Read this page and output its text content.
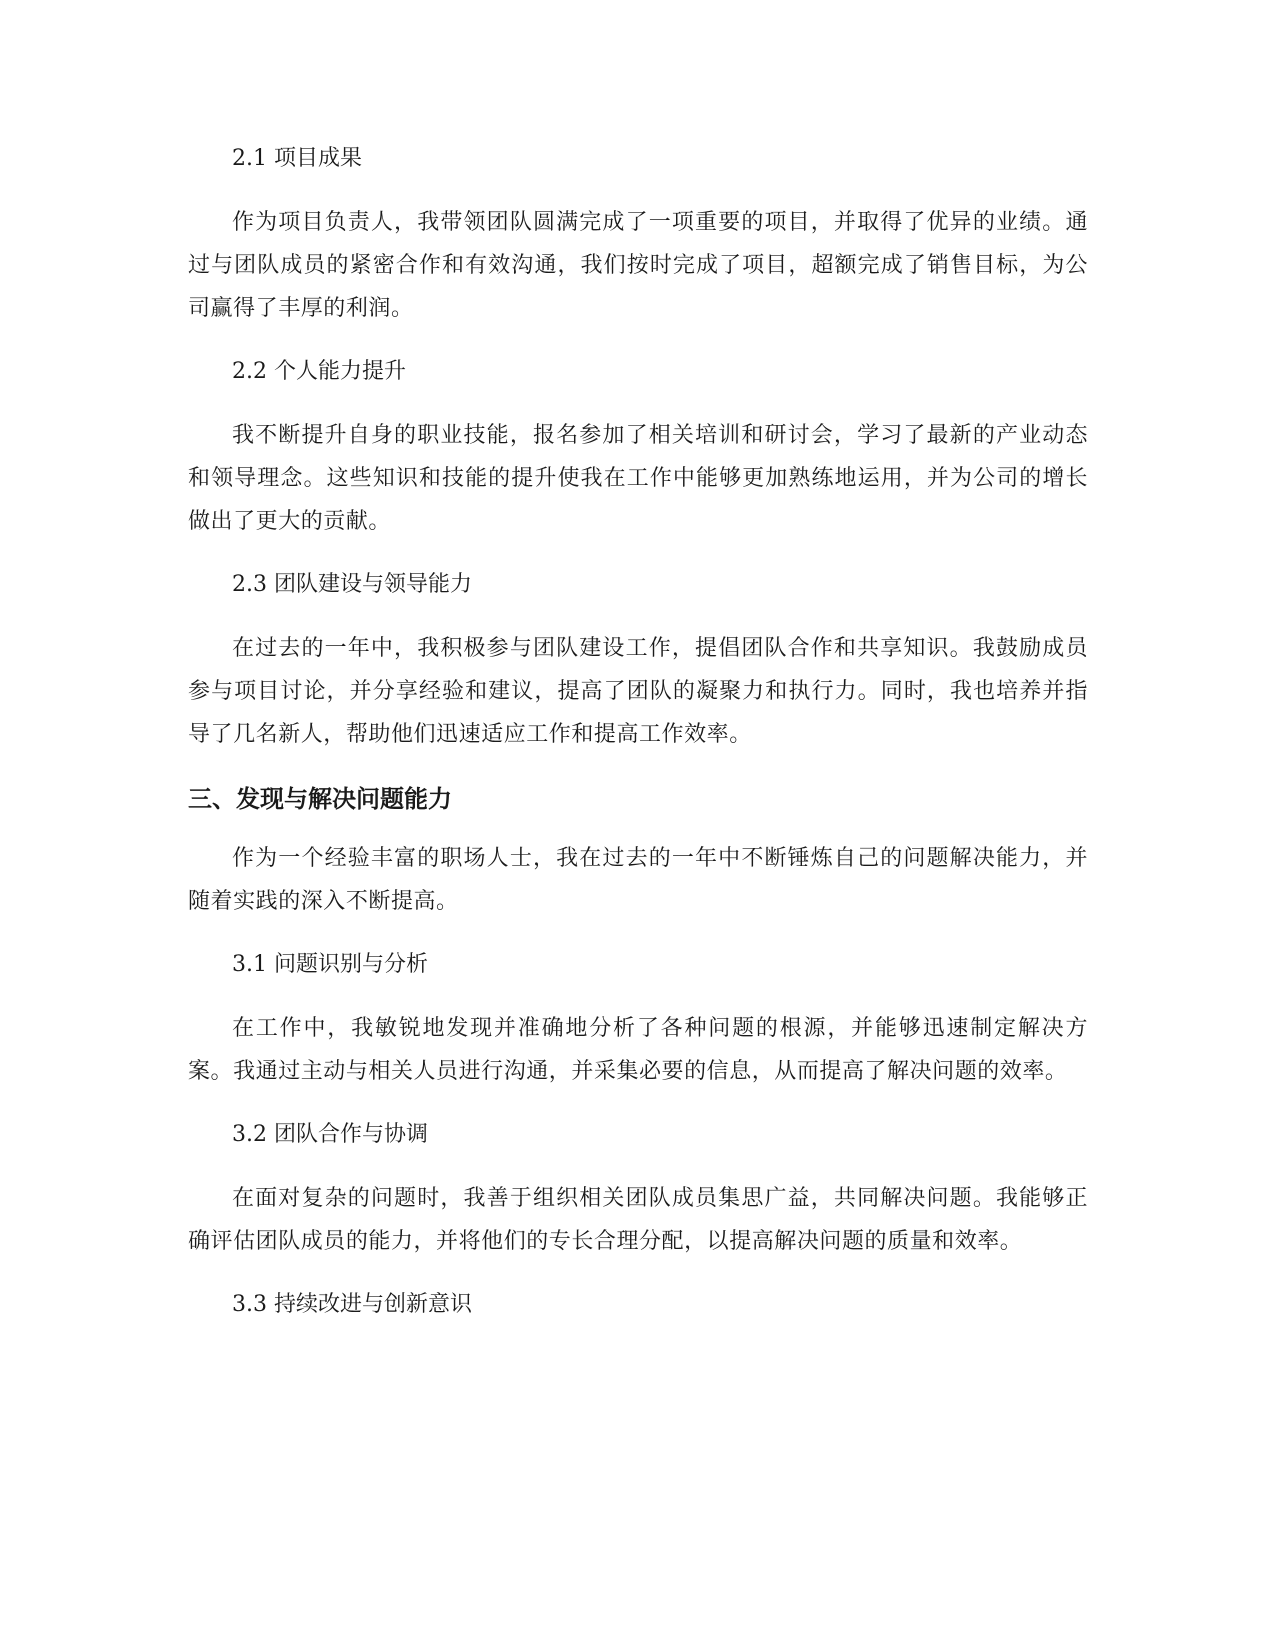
2.1 项目成果

作为项目负责人，我带领团队圆满完成了一项重要的项目，并取得了优异的业绩。通过与团队成员的紧密合作和有效沟通，我们按时完成了项目，超额完成了销售目标，为公司赢得了丰厚的利润。

2.2 个人能力提升

我不断提升自身的职业技能，报名参加了相关培训和研讨会，学习了最新的产业动态和领导理念。这些知识和技能的提升使我在工作中能够更加熟练地运用，并为公司的增长做出了更大的贡献。

2.3 团队建设与领导能力

在过去的一年中，我积极参与团队建设工作，提倡团队合作和共享知识。我鼓励成员参与项目讨论，并分享经验和建议，提高了团队的凝聚力和执行力。同时，我也培养并指导了几名新人，帮助他们迅速适应工作和提高工作效率。

三、发现与解决问题能力

作为一个经验丰富的职场人士，我在过去的一年中不断锤炼自己的问题解决能力，并随着实践的深入不断提高。

3.1 问题识别与分析

在工作中，我敏锐地发现并准确地分析了各种问题的根源，并能够迅速制定解决方案。我通过主动与相关人员进行沟通，并采集必要的信息，从而提高了解决问题的效率。

3.2 团队合作与协调

在面对复杂的问题时，我善于组织相关团队成员集思广益，共同解决问题。我能够正确评估团队成员的能力，并将他们的专长合理分配，以提高解决问题的质量和效率。

3.3 持续改进与创新意识
